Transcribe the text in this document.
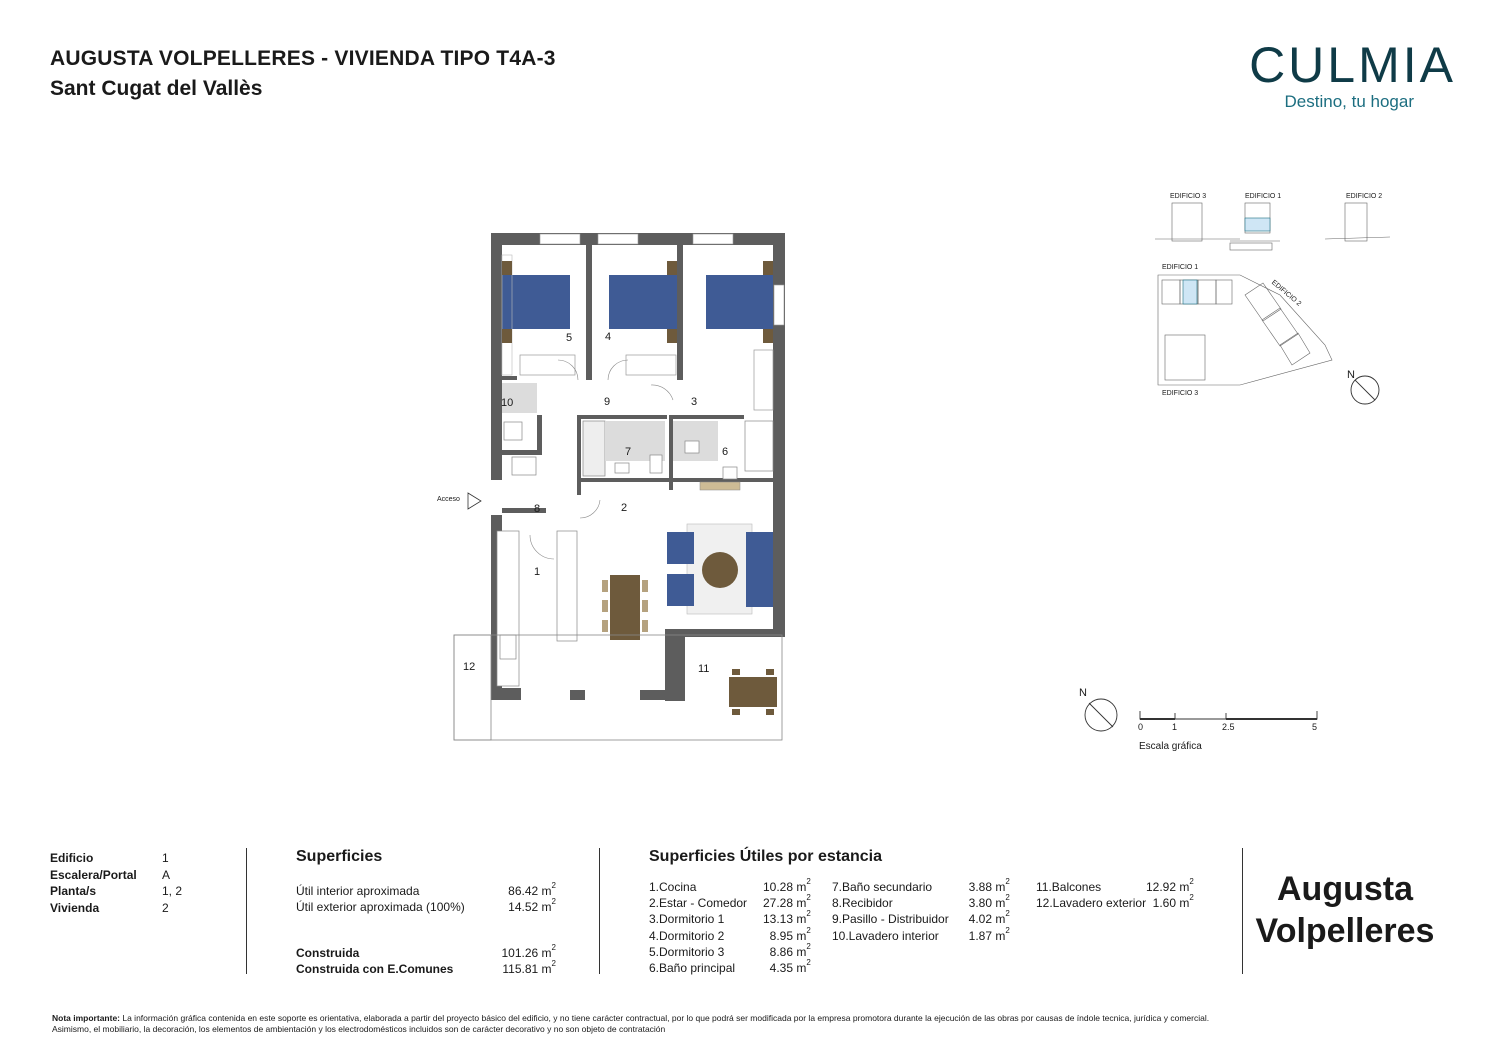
AUGUSTA VOLPELLERES - VIVIENDA TIPO T4A-3
Sant Cugat del Vallès	CULMIA
Destino, tu hogar
Acceso
1
2
3
4
5
6
7
8
9
10
11
12
EDIFICIO 3	EDIFICIO 1	EDIFICIO 2
EDIFICIO 1
EDIFICIO 2
EDIFICIO 3
N
N
0	1	2.5	5
Escala gráfica
Edificio	1
Escalera/Portal	A
Planta/s	1, 2
Vivienda	2
Superficies
Útil interior aproximada	86.42 $m^2$
Útil exterior aproximada (100%)	14.52 $m^2$
Construida	101.26 $m^2$
Construida con E.Comunes	115.81 $m^2$
Superficies Útiles por estancia
1.Cocina	10.28
$m^2$
2.Estar - Comedor	27.28
$m^2$
3.Dormitorio 1	13.13
$m^2$
4.Dormitorio 2	8.95
$m^2$
5.Dormitorio 3	8.86
$m^2$
6.Baño principal	4.35
$m^2$
7.Baño secundario	3.88
$m^2$
8.Recibidor	3.80
$m^2$
9.Pasillo - Distribuidor	4.02
$m^2$
10.Lavadero interior	1.87
$m^2$
11.Balcones	12.92
$m^2$
12.Lavadero exterior 1.60
$m^2$	Augusta
Volpelleres
Nota importante: La información gráfica contenida en este soporte es orientativa, elaborada a partir del proyecto básico del edificio, y no tiene carácter contractual, por lo que podrá ser modificada por la empresa promotora durante la ejecución de las obras por causas de índole tecnica, jurídica y comercial. Asimismo, el mobiliario, la decoración, los elementos de ambientación y los electrodomésticos incluidos son de carácter decorativo y no son objeto de contratación
